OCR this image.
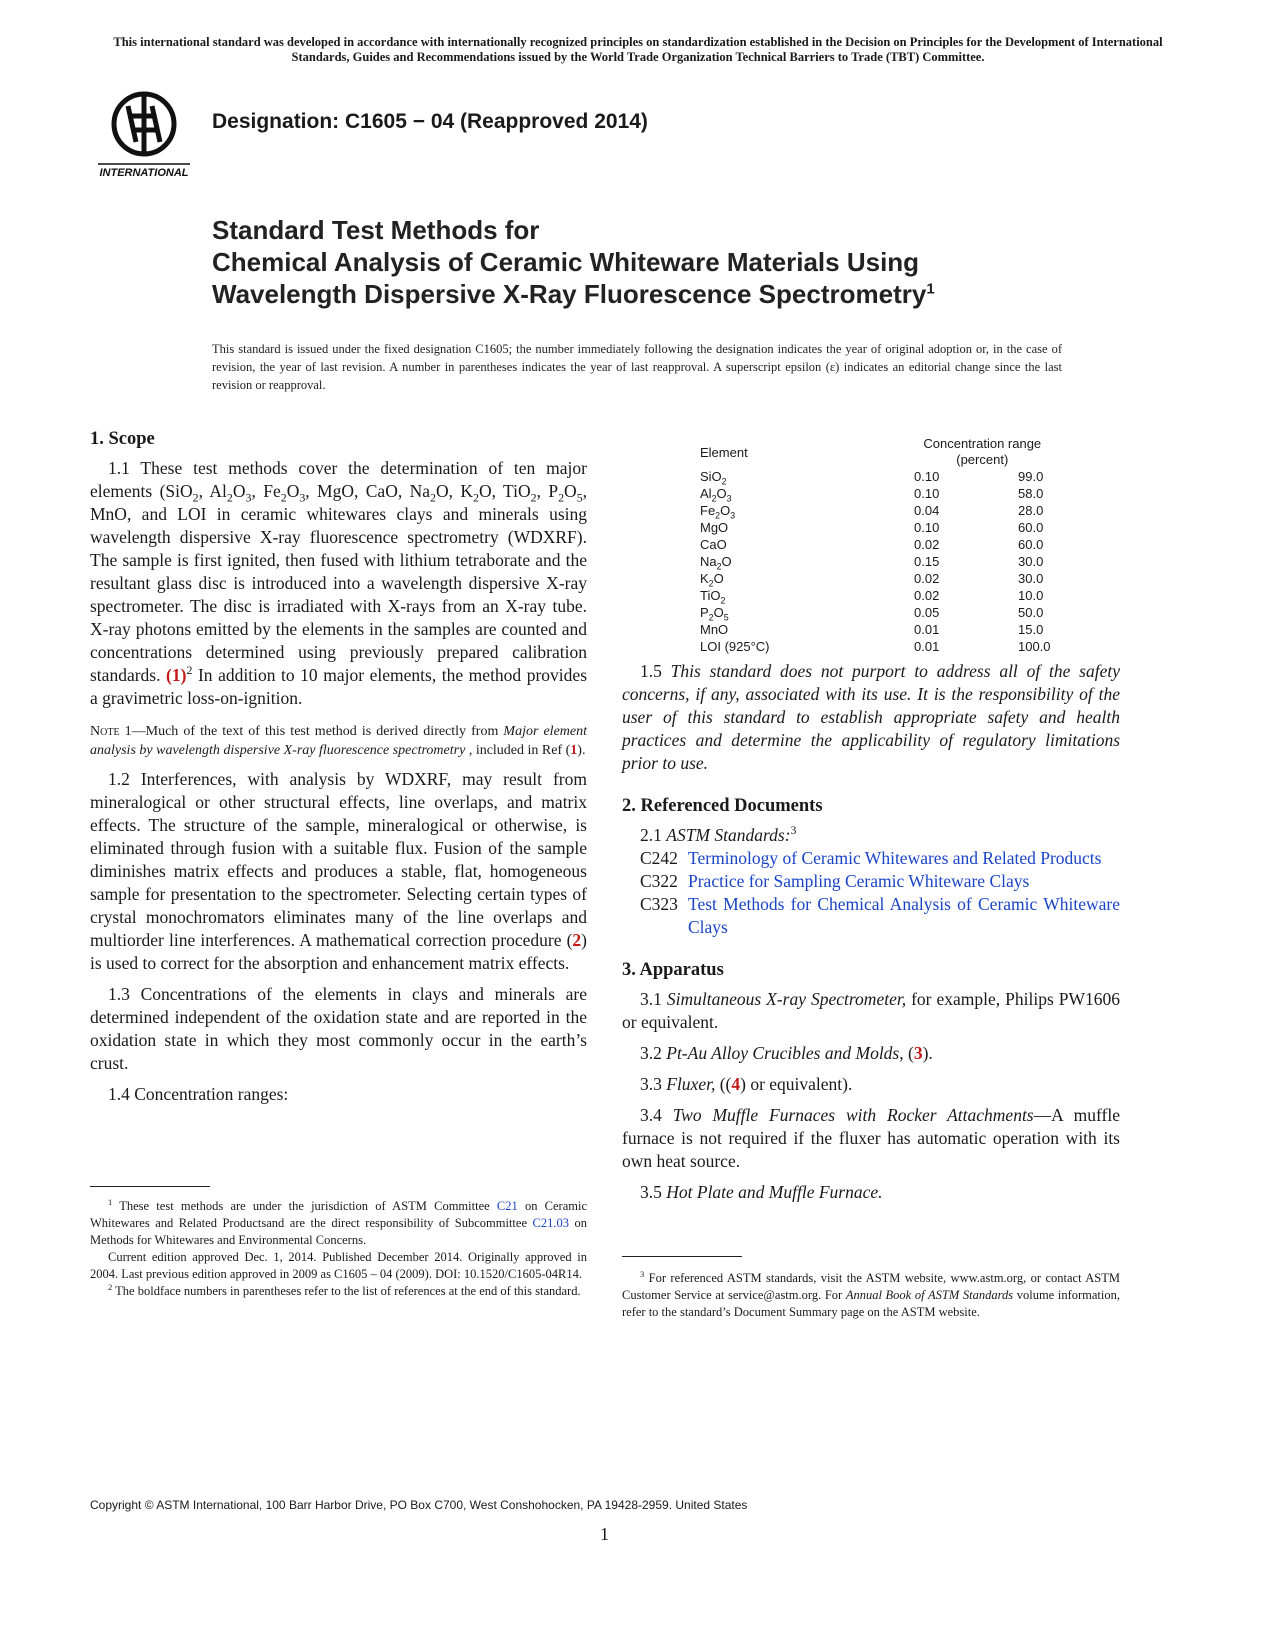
This international standard was developed in accordance with internationally recognized principles on standardization established in the Decision on Principles for the Development of International Standards, Guides and Recommendations issued by the World Trade Organization Technical Barriers to Trade (TBT) Committee.
INTERNATIONAL
Designation: C1605 − 04 (Reapproved 2014)
Standard Test Methods for
Chemical Analysis of Ceramic Whiteware Materials Using
Wavelength Dispersive X-Ray Fluorescence Spectrometry$^1$
This standard is issued under the fixed designation C1605; the number immediately following the designation indicates the year of original adoption or, in the case of revision, the year of last revision. A number in parentheses indicates the year of last reapproval. A superscript epsilon (ε) indicates an editorial change since the last revision or reapproval.

1. Scope

1.1 These test methods cover the determination of ten major elements (SiO$_2$, $Al_2O_3$, $Fe_2O_3$, MgO, CaO, $Na_2O$, $K_2O$, TiO$_2$, $P_2O_5$, MnO, and LOI in ceramic whitewares clays and minerals using wavelength dispersive X-ray fluorescence spectrometry (WDXRF). The sample is first ignited, then fused with lithium tetraborate and the resultant glass disc is introduced into a wavelength dispersive X-ray spectrometer. The disc is irradiated with X-rays from an X-ray tube. X-ray photons emitted by the elements in the samples are counted and concentrations determined using previously prepared calibration standards. $(1)^2$ In addition to 10 major elements, the method provides a gravimetric loss-on-ignition.

Note 1—Much of the text of this test method is derived directly from Major element analysis by wavelength dispersive X-ray fluorescence spectrometry , included in Ref (1).

1.2 Interferences, with analysis by WDXRF, may result from mineralogical or other structural effects, line overlaps, and matrix effects. The structure of the sample, mineralogical or otherwise, is eliminated through fusion with a suitable flux. Fusion of the sample diminishes matrix effects and produces a stable, flat, homogeneous sample for presentation to the spectrometer. Selecting certain types of crystal monochromators eliminates many of the line overlaps and multiorder line interferences. A mathematical correction procedure (2) is used to correct for the absorption and enhancement matrix effects.

1.3 Concentrations of the elements in clays and minerals are determined independent of the oxidation state and are reported in the oxidation state in which they most commonly occur in the earth’s crust.

1.4 Concentration ranges:

$^1$ These test methods are under the jurisdiction of ASTM Committee C21 on Ceramic Whitewares and Related Productsand are the direct responsibility of Subcommittee C21.03 on Methods for Whitewares and Environmental Concerns.

Current edition approved Dec. 1, 2014. Published December 2014. Originally approved in 2004. Last previous edition approved in 2009 as C1605 – 04 (2009). DOI: 10.1520/C1605-04R14.

$^2$ The boldface numbers in parentheses refer to the list of references at the end of this standard.

Element	Concentration range
(percent)	
SiO$_2$	0.10	99.0
$Al_2O_3$	0.10	58.0
$Fe_2O_3$	0.04	28.0
MgO	0.10	60.0
CaO	0.02	60.0
$Na_2O$	0.15	30.0
$K_2O$	0.02	30.0
TiO$_2$	0.02	10.0
$P_2O_5$	0.05	50.0
MnO	0.01	15.0
LOI (925°C)	0.01	100.0

1.5 This standard does not purport to address all of the safety concerns, if any, associated with its use. It is the responsibility of the user of this standard to establish appropriate safety and health practices and determine the applicability of regulatory limitations prior to use.

2. Referenced Documents

2.1 ASTM Standards:$^3$

C242 Terminology of Ceramic Whitewares and Related Products
C322 Practice for Sampling Ceramic Whiteware Clays
C323 Test Methods for Chemical Analysis of Ceramic Whiteware Clays

3. Apparatus

3.1 Simultaneous X-ray Spectrometer, for example, Philips PW1606 or equivalent.

3.2 Pt-Au Alloy Crucibles and Molds, (3).

3.3 Fluxer, ((4) or equivalent).

3.4 Two Muffle Furnaces with Rocker Attachments—A muffle furnace is not required if the fluxer has automatic operation with its own heat source.

3.5 Hot Plate and Muffle Furnace.

$^3$ For referenced ASTM standards, visit the ASTM website, www.astm.org, or contact ASTM Customer Service at service@astm.org. For Annual Book of ASTM Standards volume information, refer to the standard’s Document Summary page on the ASTM website.

Copyright © ASTM International, 100 Barr Harbor Drive, PO Box C700, West Conshohocken, PA 19428-2959. United States
1
